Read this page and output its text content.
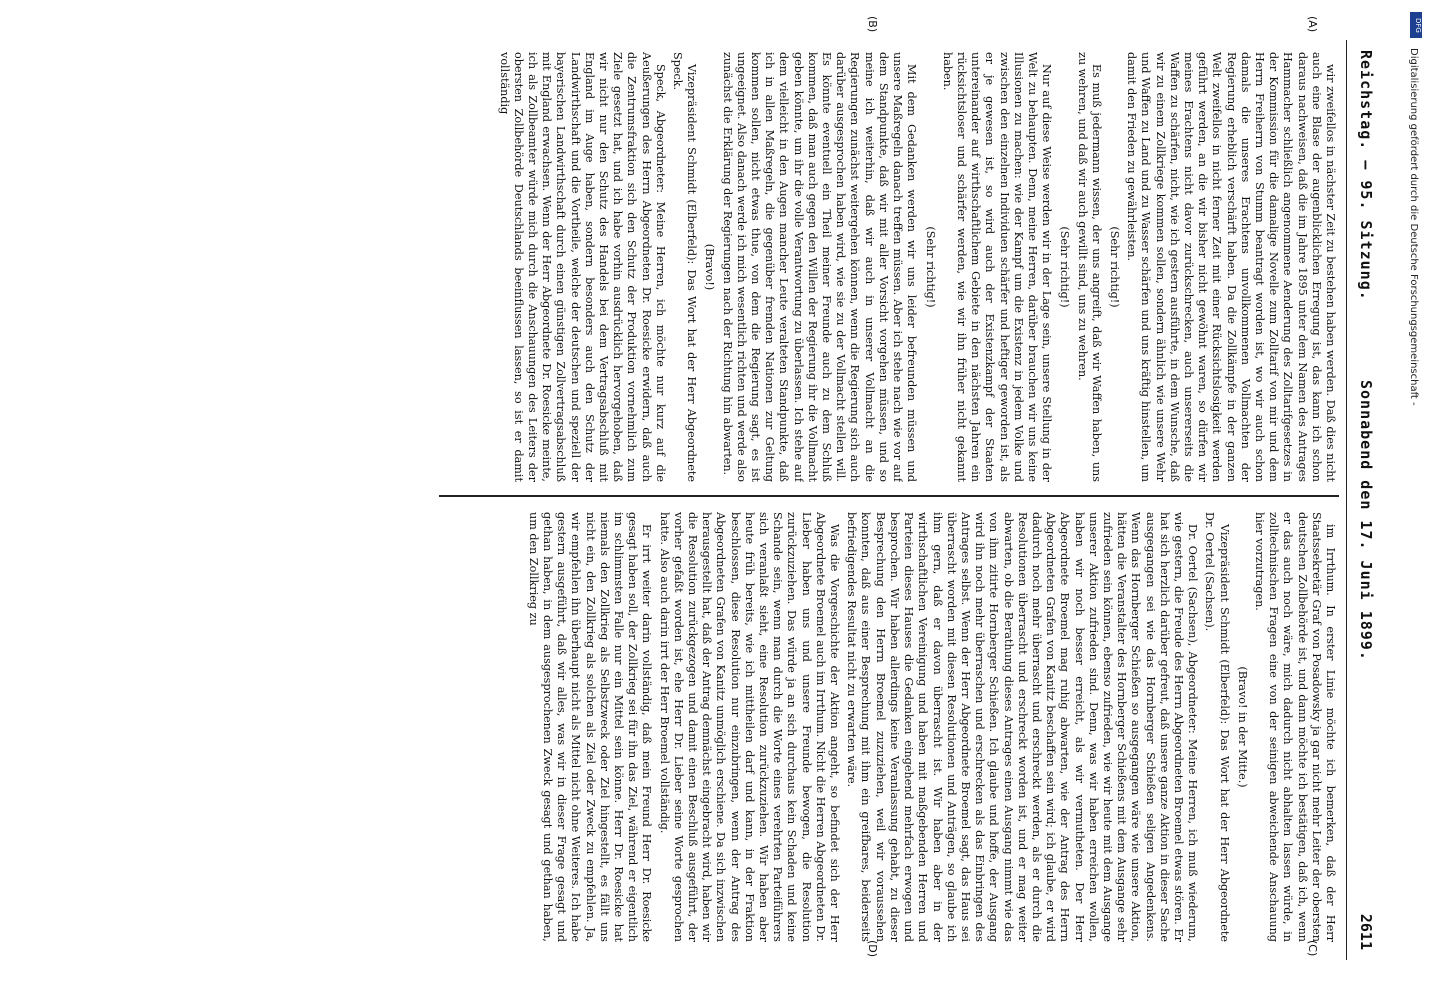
Reichstag. — 95. Sitzung.
Sonnabend den 17. Juni 1899.
2611
(A)
(B)
(C)
(D)

wir zweifellos in nächster Zeit zu bestehen haben werden. Daß dies nicht auch eine Blase der augenblicklichen Erregung ist, das kann ich schon daraus nachweisen, daß die im Jahre 1895 unter dem Namen des Antrages Hammacher schließlich angenommene Aenderung des Zolltarifgesetzes in der Kommission für die damalige Novelle zum Zolltarif von mir und dem Herrn Freiherrn von Stumm beantragt worden ist, wo wir auch schon damals die unseres Erachtens unvollkommenen Vollmachten der Regierung erheblich verschärft haben. Da die Zollkämpfe in der ganzen Welt zweifellos in nicht ferner Zeit mit einer Rücksichtslosigkeit werden geführt werden, an die wir bisher nicht gewöhnt waren, so dürfen wir meines Erachtens nicht davor zurückschrecken, auch unsererseits die Waffen zu schärfen, nicht, wie ich gestern ausführte, in dem Wunsche, daß wir zu einem Zollkriege kommen sollen, sondern ähnlich wie unsere Wehr und Waffen zu Land und zu Wasser schärfen und uns kräftig hinstellen, um damit den Frieden zu gewährleisten.

(Sehr richtig!)

Es muß jedermann wissen, der uns angreift, daß wir Waffen haben, uns zu wehren, und daß wir auch gewillt sind, uns zu wehren.

(Sehr richtig!)

Nur auf diese Weise werden wir in der Lage sein, unsere Stellung in der Welt zu behaupten. Denn, meine Herren, darüber brauchen wir uns keine Illusionen zu machen: wie der Kampf um die Existenz in jedem Volke und zwischen den einzelnen Individuen schärfer und heftiger geworden ist, als er je gewesen ist, so wird auch der Existenzkampf der Staaten untereinander auf wirthschaftlichem Gebiete in den nächsten Jahren ein rücksichtsloser und schärfer werden, wie wir ihn früher nicht gekannt haben.

(Sehr richtig!)

Mit dem Gedanken werden wir uns leider befreunden müssen und unsere Maßregeln danach treffen müssen. Aber ich stehe nach wie vor auf dem Standpunkte, daß wir mit aller Vorsicht vorgehen müssen, und so meine ich weiterhin, daß wir auch in unserer Vollmacht an die Regierungen zunächst weitergehen können, wenn die Regierung sich auch darüber ausgesprochen haben wird, wie sie zu der Vollmacht stellen will. Es könnte eventuell ein Theil meiner Freunde auch zu dem Schluß kommen, daß man auch gegen den Willen der Regierung ihr die Vollmacht geben könnte, um ihr die volle Verantwortung zu überlassen. Ich stehe auf dem vielleicht in den Augen mancher Leute veralteten Standpunkte, daß ich in allen Maßregeln, die gegenüber fremden Nationen zur Geltung kommen sollen, nicht etwas thue, von dem die Regierung sagt, es ist ungeeignet. Also danach werde ich mich wesentlich richten und werde also zunächst die Erklärung der Regierungen nach der Richtung hin abwarten.

(Bravo!)

Vizepräsident Schmidt (Elberfeld): Das Wort hat der Herr Abgeordnete Speck.

Speck, Abgeordneter: Meine Herren, ich möchte nur kurz auf die Aeußerungen des Herrn Abgeordneten Dr. Roesicke erwidern, daß auch die Zentrumsfraktion sich den Schutz der Produktion vornehmlich zum Ziele gesetzt hat, und ich habe vorhin ausdrücklich hervorgehoben, daß wir nicht nur den Schutz des Handels bei dem Vertragsabschluß mit England im Auge haben, sondern besonders auch den Schutz der Landwirthschaft und die Vortheile, welche der deutschen und speziell der bayerischen Landwirthschaft durch einen günstigen Zollvertragsabschluß mit England erwachsen. Wenn der Herr Abgeordnete Dr. Roesicke meinte, ich als Zollbeamter würde mich durch die Anschauungen des Leiters der obersten Zollbehörde Deutschlands beeinflussen lassen, so ist er damit vollständig

im Irrthum. In erster Linie möchte ich bemerken, daß der Herr Staatssekretär Graf von Posadowsky ja gar nicht mehr Leiter der obersten deutschen Zollbehörde ist, und dann möchte ich bestätigen, daß ich, wenn er das auch noch wäre, mich dadurch nicht abhalten lassen würde, in zolltechnischen Fragen eine von der seinigen abweichende Anschauung hier vorzutragen.

(Bravo! in der Mitte.)

Vizepräsident Schmidt (Elberfeld): Das Wort hat der Herr Abgeordnete Dr. Oertel (Sachsen).

Dr. Oertel (Sachsen), Abgeordneter: Meine Herren, ich muß wiederum, wie gestern, die Freude des Herrn Abgeordneten Broemel etwas stören. Er hat sich herzlich darüber gefreut, daß unsere ganze Aktion in dieser Sache ausgegangen sei wie das Hornberger Schießen seligen Angedenkens. Wenn das Hornberger Schießen so ausgegangen wäre wie unsere Aktion, hätten die Veranstalter des Hornberger Schießens mit dem Ausgange sehr zufrieden sein können, ebenso zufrieden, wie wir heute mit dem Ausgange unserer Aktion zufrieden sind. Denn, was wir haben erreichen wollen, haben wir noch besser erreicht, als wir vermutheten. Der Herr Abgeordnete Broemel mag ruhig abwarten, wie der Antrag des Herrn Abgeordneten Grafen von Kanitz beschaffen sein wird; ich glaube, er wird dadurch noch mehr überrascht und erschreckt werden, als er durch die Resolutionen überrascht und erschreckt worden ist, und er mag weiter abwarten, ob die Berathung dieses Antrages einen Ausgang nimmt wie das von ihm zitirte Hornberger Schießen. Ich glaube und hoffe, der Ausgang wird ihn noch mehr überraschen und erschrecken als das Einbringen des Antrages selbst. Wenn der Herr Abgeordnete Broemel sagt, das Haus sei überrascht worden mit diesen Resolutionen und Anträgen, so glaube ich ihm gern, daß er davon überrascht ist. Wir haben aber in der wirthschaftlichen Vereinigung und haben mit maßgebenden Herren und Parteien dieses Hauses die Gedanken eingehend mehrfach erwogen und besprochen. Wir haben allerdings keine Veranlassung gehabt, zu dieser Besprechung den Herrn Broemel zuzuziehen, weil wir voraussehen konnten, daß aus einer Besprechung mit ihm ein greifbares, beiderseits befriedigendes Resultat nicht zu erwarten wäre.

Was die Vorgeschichte der Aktion angeht, so befindet sich der Herr Abgeordnete Broemel auch im Irrthum. Nicht die Herren Abgeordneten Dr. Lieber haben uns und unsere Freunde bewogen, die Resolution zurückzuziehen. Das würde ja an sich durchaus kein Schaden und keine Schande sein, wenn man durch die Worte eines verehrten Parteiführers sich veranlaßt sieht, eine Resolution zurückzuziehen. Wir haben aber heute früh bereits, wie ich mittheilen darf und kann, in der Fraktion beschlossen, diese Resolution nur einzubringen, wenn der Antrag des Abgeordneten Grafen von Kanitz unmöglich erschiene. Da sich inzwischen herausgestellt hat, daß der Antrag demnächst eingebracht wird, haben wir die Resolution zurückgezogen und damit einen Beschluß ausgeführt, der vorher gefaßt worden ist, ehe Herr Dr. Lieber seine Worte gesprochen hatte. Also auch darin irrt der Herr Broemel vollständig.

Er irrt weiter darin vollständig, daß mein Freund Herr Dr. Roesicke gesagt haben soll, der Zollkrieg sei für ihn das Ziel, während er eigentlich im schlimmsten Falle nur ein Mittel sein könne. Herr Dr. Roesicke hat niemals den Zollkrieg als Selbstzweck oder Ziel hingestellt, es fällt uns nicht ein, den Zollkrieg als solchen als Ziel oder Zweck zu empfehlen. Ja, wir empfehlen ihn überhaupt nicht als Mittel nicht ohne Weiteres. Ich habe gestern ausgeführt, daß wir alles, was wir in dieser Frage gesagt und gethan haben, in dem ausgesprochenen Zweck gesagt und gethan haben, um den Zollkrieg zu

Digitalisierung gefördert durch die Deutsche Forschungsgemeinschaft -
DFG
